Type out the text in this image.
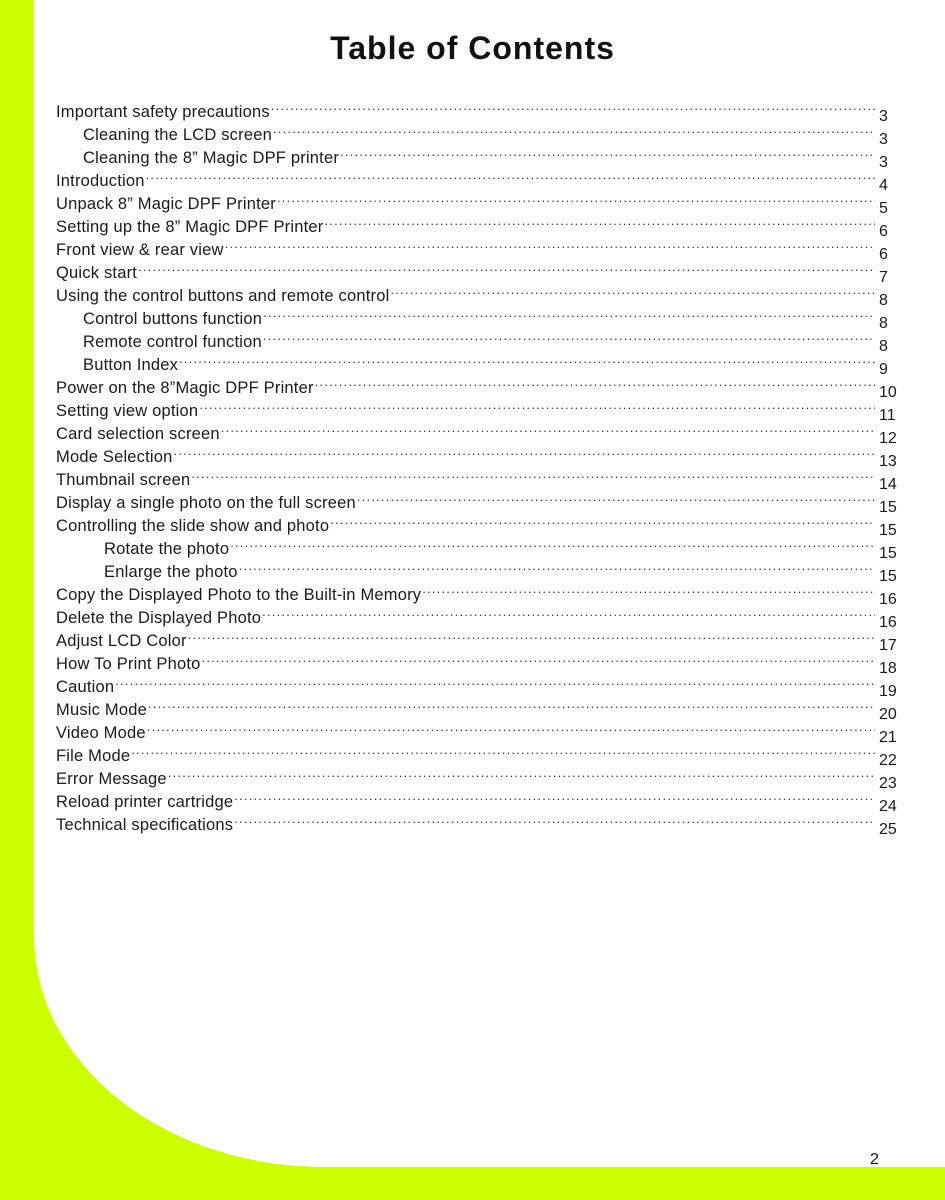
Table of Contents
Important safety precautions .....	3
Cleaning the LCD screen .....	3
Cleaning the 8” Magic DPF printer .....	3
Introduction .....	4
Unpack 8” Magic DPF Printer .....	5
Setting up the 8” Magic DPF Printer .....	6
Front view & rear view .....	6
Quick start .....	7
Using the control buttons and remote control .....	8
Control buttons function .....	8
Remote control function .....	8
Button Index .....	9
Power on the 8”Magic DPF Printer .....	10
Setting view option .....	11
Card selection screen .....	12
Mode Selection .....	13
Thumbnail screen .....	14
Display a single photo on the full screen .....	15
Controlling the slide show and photo .....	15
Rotate the photo .....	15
Enlarge the photo .....	15
Copy the Displayed Photo to the Built-in Memory .....	16
Delete the Displayed Photo .....	16
Adjust LCD Color .....	17
How To Print Photo .....	18
Caution .....	19
Music Mode .....	20
Video Mode .....	21
File Mode .....	22
Error Message .....	23
Reload printer cartridge .....	24
Technical specifications .....	25
2
